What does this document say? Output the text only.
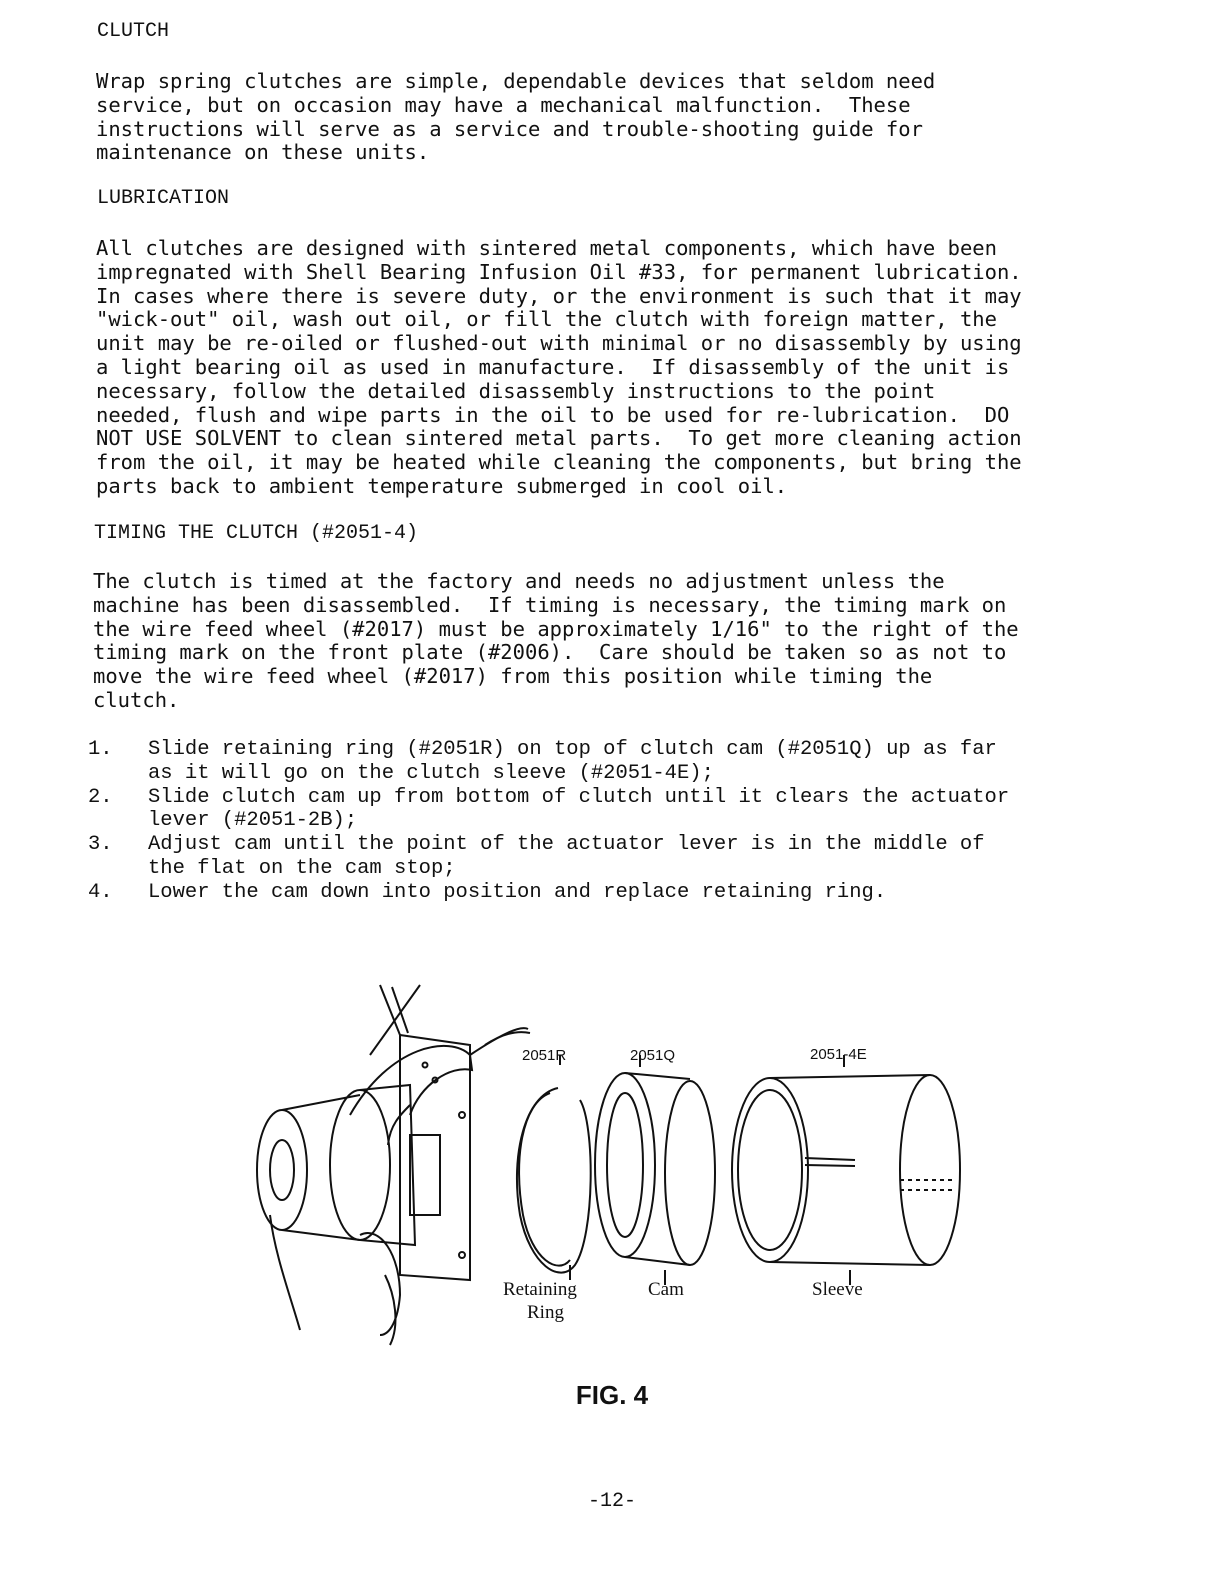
CLUTCH
Wrap spring clutches are simple, dependable devices that seldom need
service, but on occasion may have a mechanical malfunction.  These
instructions will serve as a service and trouble-shooting guide for
maintenance on these units.
LUBRICATION
All clutches are designed with sintered metal components, which have been
impregnated with Shell Bearing Infusion Oil #33, for permanent lubrication.
In cases where there is severe duty, or the environment is such that it may
"wick-out" oil, wash out oil, or fill the clutch with foreign matter, the
unit may be re-oiled or flushed-out with minimal or no disassembly by using
a light bearing oil as used in manufacture.  If disassembly of the unit is
necessary, follow the detailed disassembly instructions to the point
needed, flush and wipe parts in the oil to be used for re-lubrication.  DO
NOT USE SOLVENT to clean sintered metal parts.  To get more cleaning action
from the oil, it may be heated while cleaning the components, but bring the
parts back to ambient temperature submerged in cool oil.
TIMING THE CLUTCH (#2051-4)
The clutch is timed at the factory and needs no adjustment unless the
machine has been disassembled.  If timing is necessary, the timing mark on
the wire feed wheel (#2017) must be approximately 1/16" to the right of the
timing mark on the front plate (#2006).  Care should be taken so as not to
move the wire feed wheel (#2017) from this position while timing the
clutch.
1. Slide retaining ring (#2051R) on top of clutch cam (#2051Q) up as far
as it will go on the clutch sleeve (#2051-4E);
2. Slide clutch cam up from bottom of clutch until it clears the actuator
lever (#2051-2B);
3. Adjust cam until the point of the actuator lever is in the middle of
the flat on the cam stop;
4. Lower the cam down into position and replace retaining ring.
2051R	2051Q	2051-4E
Retaining
Ring
Cam	Sleeve
FIG. 4
-12-
